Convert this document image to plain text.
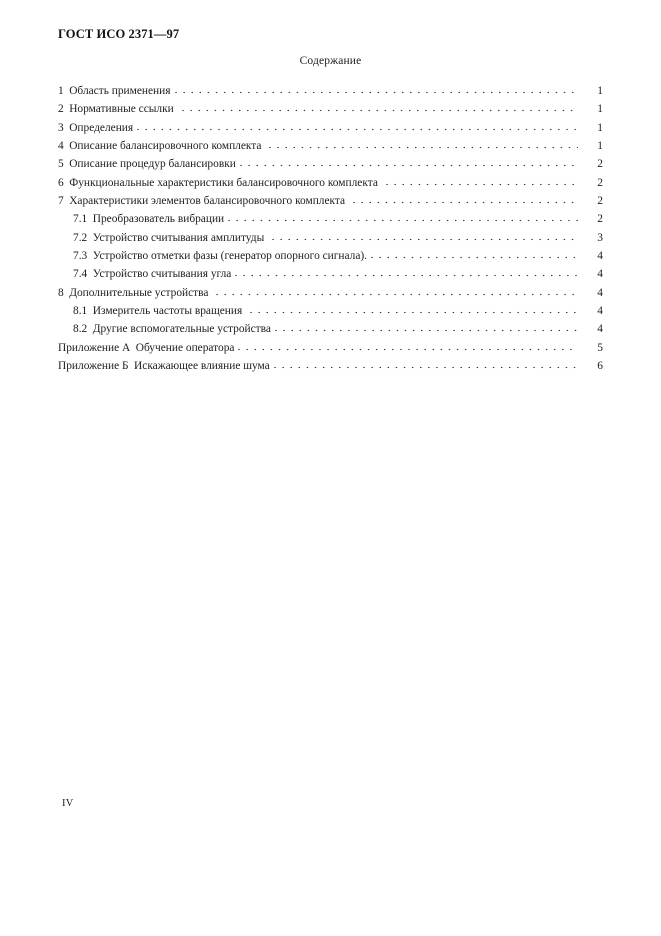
ГОСТ ИСО 2371—97
Содержание
1 Область применения	1
2 Нормативные ссылки	1
3 Определения	1
4 Описание балансировочного комплекта	1
5 Описание процедур балансировки	2
6 Функциональные характеристики балансировочного комплекта	2
7 Характеристики элементов балансировочного комплекта	2
7.1 Преобразователь вибрации	2
7.2 Устройство считывания амплитуды	3
7.3 Устройство отметки фазы (генератор опорного сигнала).	4
7.4 Устройство считывания угла	4
8 Дополнительные устройства	4
8.1 Измеритель частоты вращения	4
8.2 Другие вспомогательные устройства	4
Приложение А Обучение оператора	5
Приложение Б Искажающее влияние шума	6
IV
